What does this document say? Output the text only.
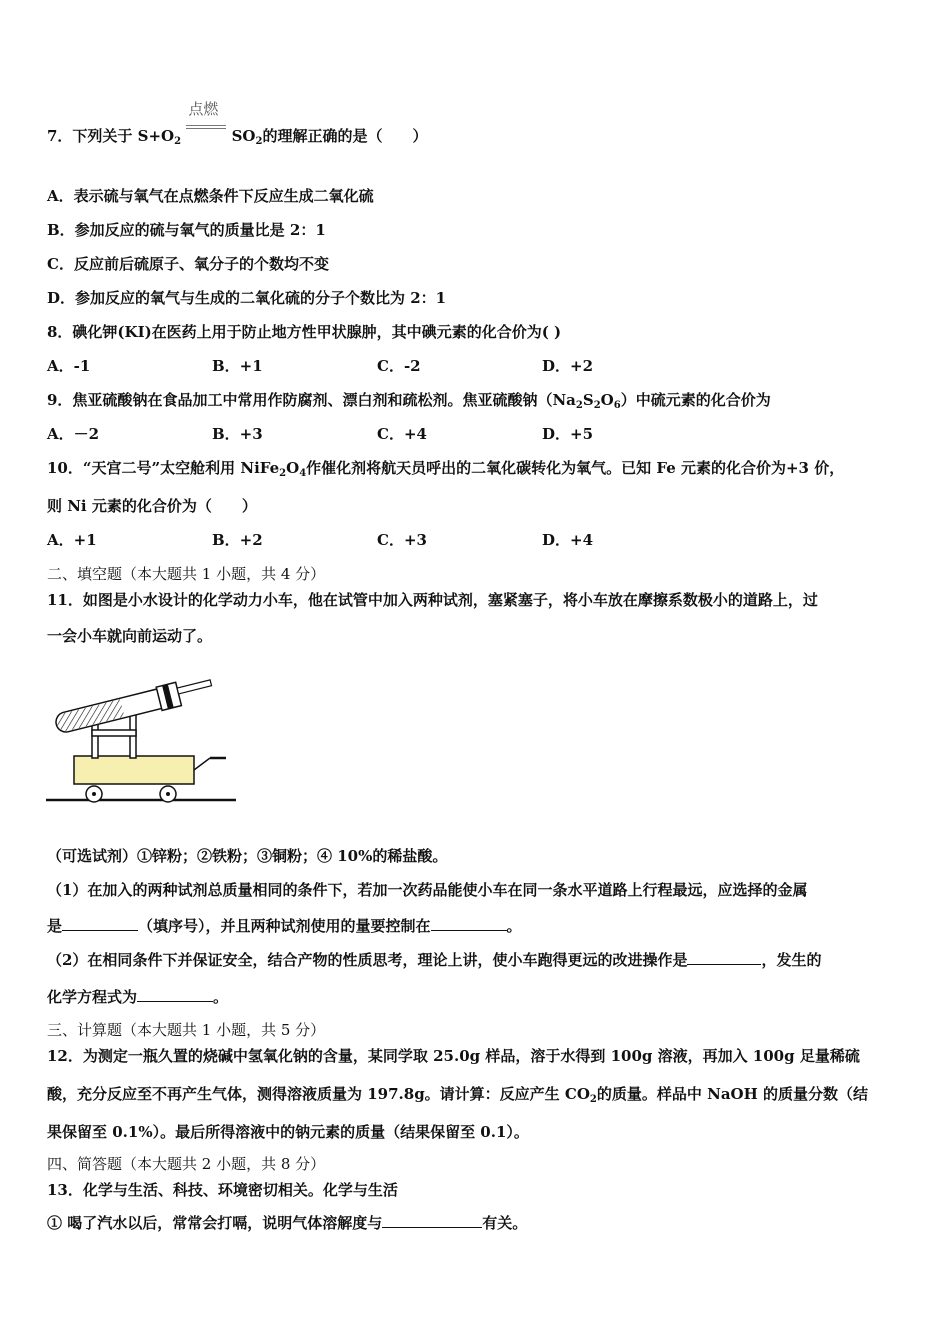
7．下列关于 $S+O_2$
点燃
$SO_2$的理解正确的是（　　）
A．表示硫与氧气在点燃条件下反应生成二氧化硫
B．参加反应的硫与氧气的质量比是 2：1
C．反应前后硫原子、氧分子的个数均不变
D．参加反应的氧气与生成的二氧化硫的分子个数比为 2：1
8．碘化钾(KI)在医药上用于防止地方性甲状腺肿，其中碘元素的化合价为( )
A．-1	B．+1	C．-2	D．+2
9．焦亚硫酸钠在食品加工中常用作防腐剂、漂白剂和疏松剂。焦亚硫酸钠$(Na_2S_2O_6)$中硫元素的化合价为
A．－2	B．+3	C．+4	D．+5
10．“天宫二号”太空舱利用 $NiFe_2O_4$作催化剂将航天员呼出的二氧化碳转化为氧气。已知 Fe 元素的化合价为+3 价，
则 Ni 元素的化合价为（　　）
A．+1	B．+2	C．+3	D．+4
二、填空题（本大题共 1 小题，共 4 分）
11．如图是小水设计的化学动力小车，他在试管中加入两种试剂，塞紧塞子，将小车放在摩擦系数极小的道路上，过
一会小车就向前运动了。
（可选试剂）①锌粉；②铁粉；③铜粉；④ 10%的稀盐酸。
（1）在加入的两种试剂总质量相同的条件下，若加一次药品能使小车在同一条水平道路上行程最远，应选择的金属
是	（填序号），并且两种试剂使用的量要控制在	。
（2）在相同条件下并保证安全，结合产物的性质思考，理论上讲，使小车跑得更远的改进操作是	，发生的
化学方程式为	。
三、计算题（本大题共 1 小题，共 5 分）
12．为测定一瓶久置的烧碱中氢氧化钠的含量，某同学取 25.0g 样品，溶于水得到 100g 溶液，再加入 100g 足量稀硫
酸，充分反应至不再产生气体，测得溶液质量为 197.8g。请计算：反应产生 $CO_2$的质量。样品中 NaOH 的质量分数（结
果保留至 0.1%）。最后所得溶液中的钠元素的质量（结果保留至 0.1）。
四、简答题（本大题共 2 小题，共 8 分）
13．化学与生活、科技、环境密切相关。化学与生活
① 喝了汽水以后，常常会打嗝，说明气体溶解度与	有关。
